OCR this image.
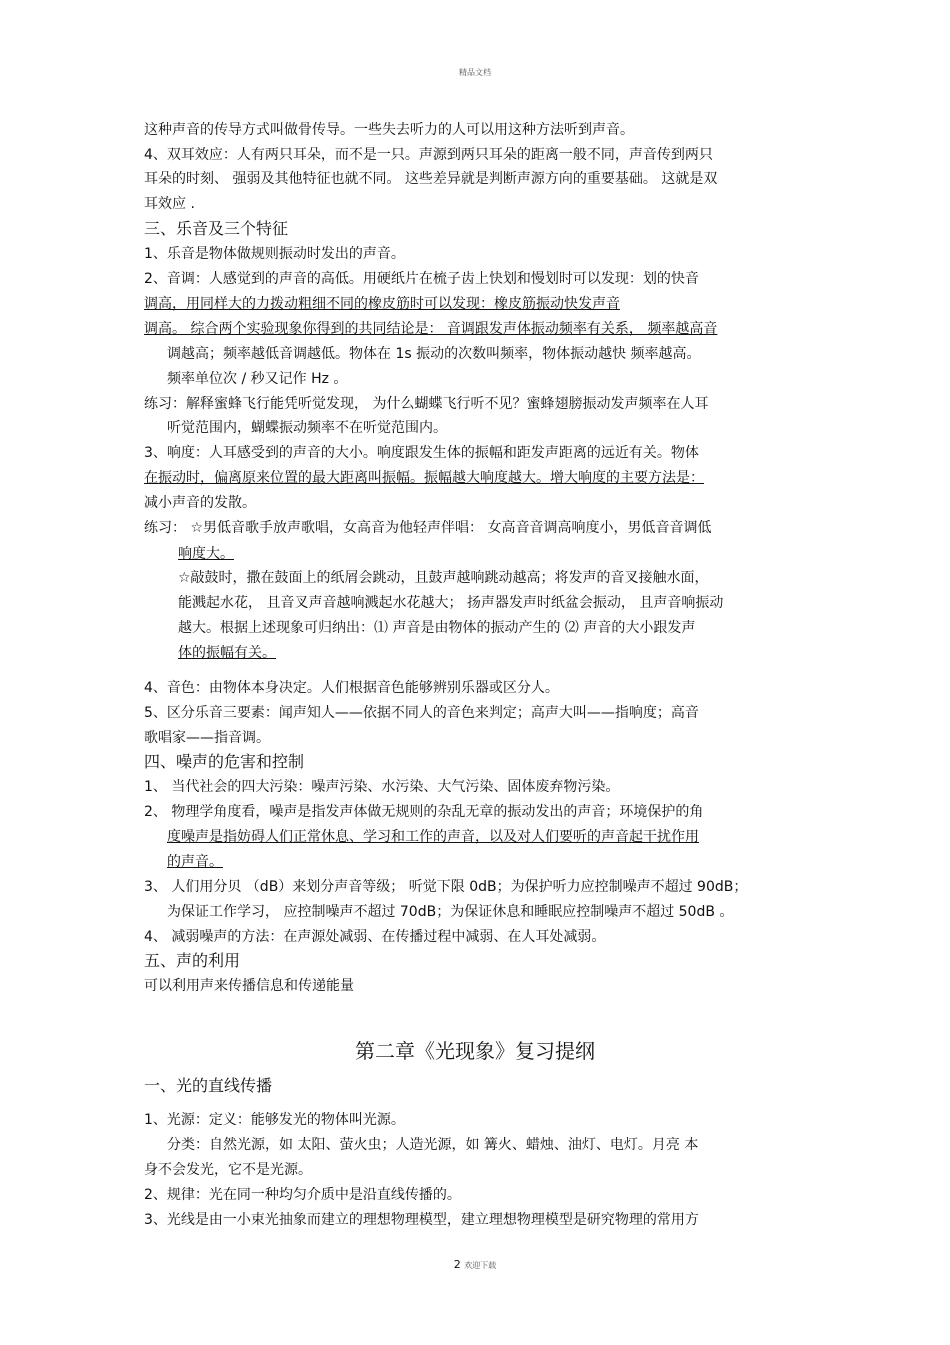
精品文档
这种声音的传导方式叫做骨传导。一些失去听力的人可以用这种方法听到声音。
4、双耳效应：人有两只耳朵，而不是一只。声源到两只耳朵的距离一般不同，声音传到两只
耳朵的时刻、 强弱及其他特征也就不同。 这些差异就是判断声源方向的重要基础。 这就是双
耳效应 .
三、乐音及三个特征
1、乐音是物体做规则振动时发出的声音。
2、音调：人感觉到的声音的高低。用硬纸片在梳子齿上快划和慢划时可以发现：划的快音
调高，用同样大的力拨动粗细不同的橡皮筋时可以发现：橡皮筋振动快发声音
调高。 综合两个实验现象你得到的共同结论是： 音调跟发声体振动频率有关系， 频率越高音
调越高；频率越低音调越低。物体在 1s 振动的次数叫频率，物体振动越快 频率越高。
频率单位次 / 秒又记作 Hz 。
练习：解释蜜蜂飞行能凭听觉发现， 为什么蝴蝶飞行听不见？蜜蜂翅膀振动发声频率在人耳
听觉范围内，蝴蝶振动频率不在听觉范围内。
3、响度：人耳感受到的声音的大小。响度跟发生体的振幅和距发声距离的远近有关。物体
在振动时，偏离原来位置的最大距离叫振幅。振幅越大响度越大。增大响度的主要方法是：
减小声音的发散。
练习： ☆男低音歌手放声歌唱，女高音为他轻声伴唱： 女高音音调高响度小，男低音音调低
响度大。
☆敲鼓时，撒在鼓面上的纸屑会跳动，且鼓声越响跳动越高；将发声的音叉接触水面，
能溅起水花， 且音叉声音越响溅起水花越大； 扬声器发声时纸盆会振动， 且声音响振动
越大。根据上述现象可归纳出：⑴ 声音是由物体的振动产生的 ⑵ 声音的大小跟发声
体的振幅有关。
4、音色：由物体本身决定。人们根据音色能够辨别乐器或区分人。
5、区分乐音三要素：闻声知人——依据不同人的音色来判定；高声大叫——指响度；高音
歌唱家——指音调。
四、噪声的危害和控制
1、 当代社会的四大污染：噪声污染、水污染、大气污染、固体废弃物污染。
2、 物理学角度看，噪声是指发声体做无规则的杂乱无章的振动发出的声音；环境保护的角
度噪声是指妨碍人们正常休息、学习和工作的声音，以及对人们要听的声音起干扰作用
的声音。
3、 人们用分贝 （dB）来划分声音等级； 听觉下限 0dB；为保护听力应控制噪声不超过 90dB；
为保证工作学习， 应控制噪声不超过 70dB；为保证休息和睡眠应控制噪声不超过 50dB 。
4、 减弱噪声的方法：在声源处减弱、在传播过程中减弱、在人耳处减弱。
五、声的利用
可以利用声来传播信息和传递能量
第二章《光现象》复习提纲
一、光的直线传播
1、光源：定义：能够发光的物体叫光源。
分类：自然光源，如 太阳、萤火虫；人造光源，如 篝火、蜡烛、油灯、电灯。月亮 本
身不会发光，它不是光源。
2、规律：光在同一种均匀介质中是沿直线传播的。
3、光线是由一小束光抽象而建立的理想物理模型，建立理想物理模型是研究物理的常用方
2 欢迎下载
